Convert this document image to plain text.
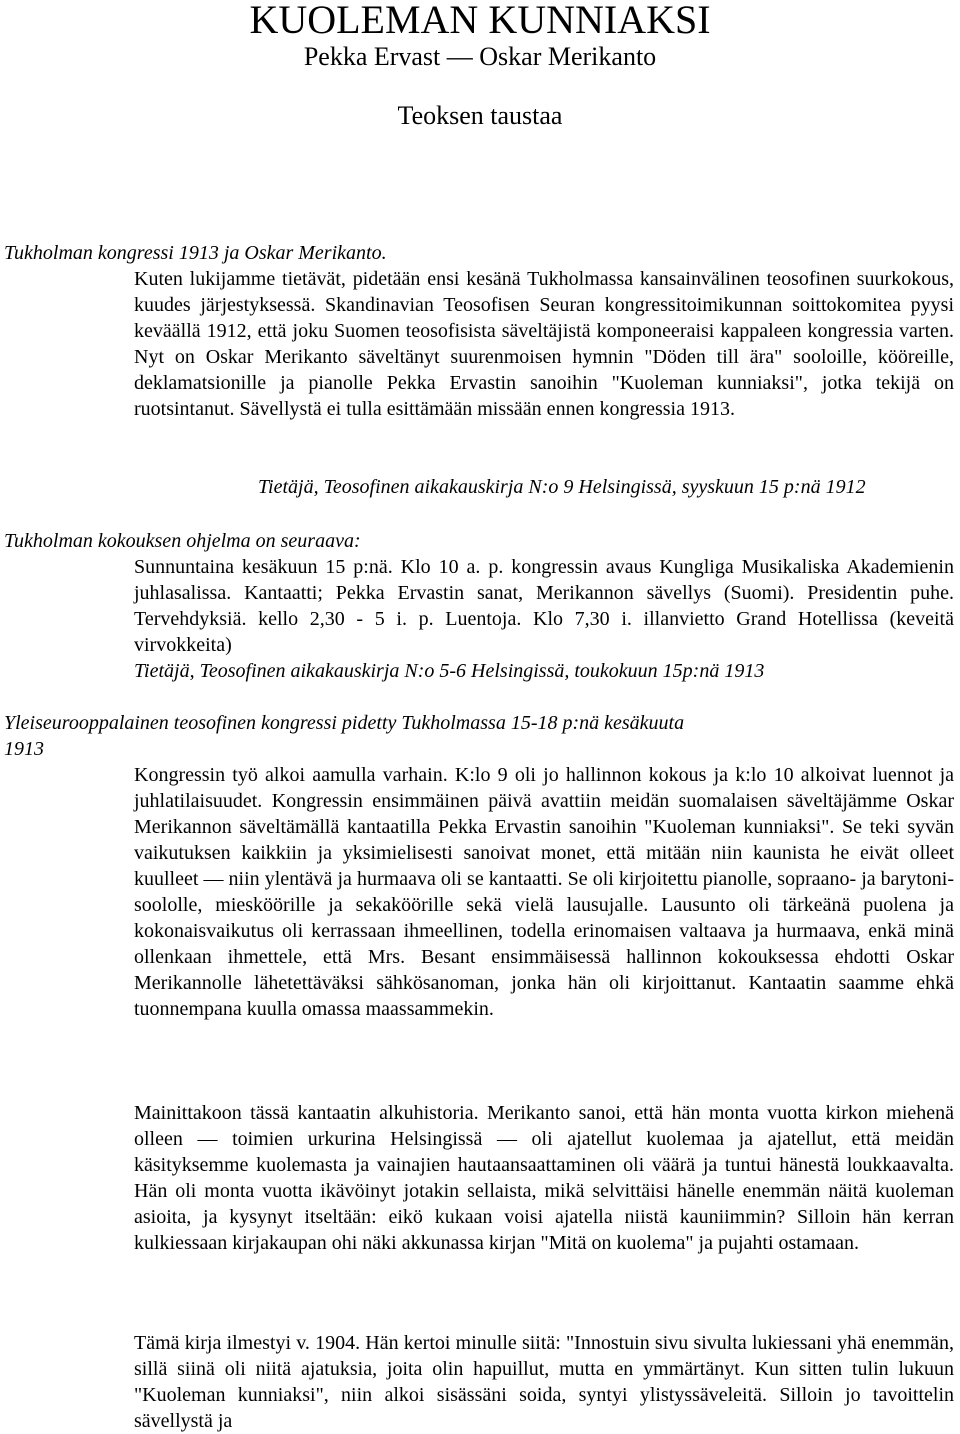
KUOLEMAN KUNNIAKSI
Pekka Ervast — Oskar Merikanto
Teoksen taustaa
Tukholman kongressi 1913 ja Oskar Merikanto.

Kuten lukijamme tietävät, pidetään ensi kesänä Tukholmassa kansainvälinen teosofinen suurkokous, kuudes järjestyksessä. Skandinavian Teosofisen Seuran kongressitoimikunnan soittokomitea pyysi keväällä 1912, että joku Suomen teosofisista säveltäjistä komponeeraisi kappaleen kongressia varten. Nyt on Oskar Merikanto säveltänyt suurenmoisen hymnin "Döden till ära" sooloille, kööreille, deklamatsionille ja pianolle Pekka Ervastin sanoihin "Kuoleman kunniaksi", jotka tekijä on ruotsintanut. Sävellystä ei tulla esittämään missään ennen kongressia 1913.

Tietäjä, Teosofinen aikakauskirja N:o 9 Helsingissä, syyskuun 15 p:nä 1912
Tukholman kokouksen ohjelma on seuraava:

Sunnuntaina kesäkuun 15 p:nä. Klo 10 a. p. kongressin avaus Kungliga Musikaliska Akademienin juhlasalissa. Kantaatti; Pekka Ervastin sanat, Merikannon sävellys (Suomi). Presidentin puhe. Tervehdyksiä. kello 2,30 - 5 i. p. Luentoja. Klo 7,30 i. illanvietto Grand Hotellissa (keveitä virvokkeita)

Tietäjä, Teosofinen aikakauskirja N:o 5-6 Helsingissä, toukokuun 15p:nä 1913
Yleiseurooppalainen teosofinen kongressi pidetty Tukholmassa 15-18 p:nä kesäkuuta
1913

Kongressin työ alkoi aamulla varhain. K:lo 9 oli jo hallinnon kokous ja k:lo 10 alkoivat luennot ja juhlatilaisuudet. Kongressin ensimmäinen päivä avattiin meidän suomalaisen säveltäjämme Oskar Merikannon säveltämällä kantaatilla Pekka Ervastin sanoihin "Kuoleman kunniaksi". Se teki syvän vaikutuksen kaikkiin ja yksimielisesti sanoivat monet, että mitään niin kaunista he eivät olleet kuulleet — niin ylentävä ja hurmaava oli se kantaatti. Se oli kirjoitettu pianolle, sopraano- ja barytoni-soololle, miesköörille ja sekaköörille sekä vielä lausujalle. Lausunto oli tärkeänä puolena ja kokonaisvaikutus oli kerrassaan ihmeellinen, todella erinomaisen valtaava ja hurmaava, enkä minä ollenkaan ihmettele, että Mrs. Besant ensimmäisessä hallinnon kokouksessa ehdotti Oskar Merikannolle lähetettäväksi sähkösanoman, jonka hän oli kirjoittanut. Kantaatin saamme ehkä tuonnempana kuulla omassa maassammekin.

Mainittakoon tässä kantaatin alkuhistoria. Merikanto sanoi, että hän monta vuotta kirkon miehenä olleen — toimien urkurina Helsingissä — oli ajatellut kuolemaa ja ajatellut, että meidän käsityksemme kuolemasta ja vainajien hautaansaattaminen oli väärä ja tuntui hänestä loukkaavalta. Hän oli monta vuotta ikävöinyt jotakin sellaista, mikä selvittäisi hänelle enemmän näitä kuoleman asioita, ja kysynyt itseltään: eikö kukaan voisi ajatella niistä kauniimmin? Silloin hän kerran kulkiessaan kirjakaupan ohi näki akkunassa kirjan "Mitä on kuolema" ja pujahti ostamaan.

Tämä kirja ilmestyi v. 1904. Hän kertoi minulle siitä: "Innostuin sivu sivulta lukiessani yhä enemmän, sillä siinä oli niitä ajatuksia, joita olin hapuillut, mutta en ymmärtänyt. Kun sitten tulin lukuun "Kuoleman kunniaksi", niin alkoi sisässäni soida, syntyi ylistyssäveleitä. Silloin jo tavoittelin sävellystä ja
